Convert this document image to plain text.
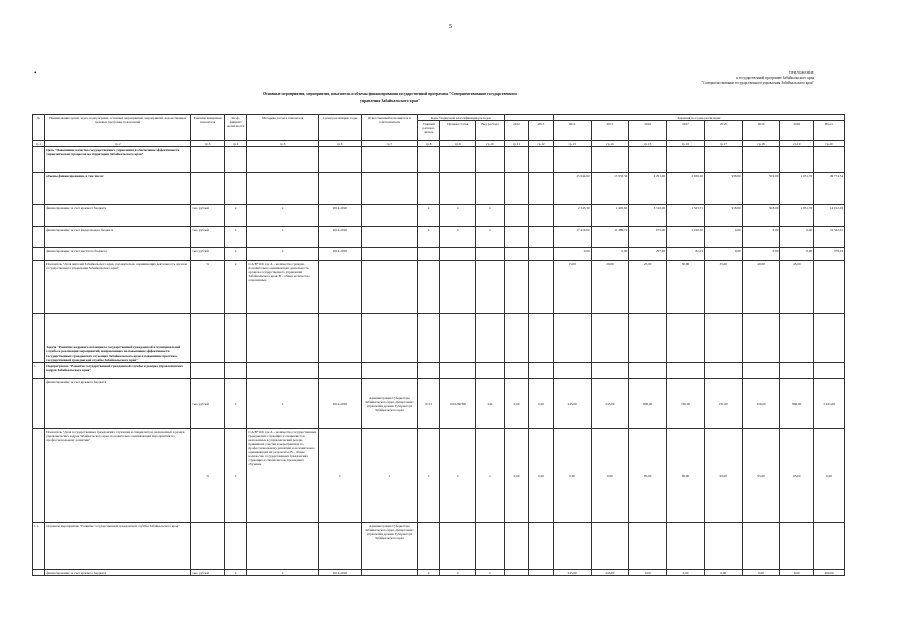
5
•	ПРИЛОЖЕНИЕ
к государственной программе Забайкальского края
"Совершенствование государственного управления Забайкальского края"
Основные мероприятия, мероприятия, показатели и объемы финансирования государственной программы "Совершенствование государственного
управления Забайкальского края"
№	Наименование целей, задач, подпрограмм, основных мероприятий, мероприятий, ведомственных целевых программ, показателей	Единица измерения показателя	Коэф-фициент значи-мости	Методика расчета показателя	Сроки реализации, годы	Ответственный исполнитель и соисполнители	Коды бюджетной классификации расходов					Значения по годам реализации							
							Главный распоря-дитель	Целевая статья	Вид расхода	2012	2013	2014	2015	2016	2017	2018	2019	2020	Итого
гр.1	гр.2	гр.3	гр.4	гр.5	гр.6	гр.7	гр.8	гр.9	гр.10	гр.11	гр.12	гр.13	гр.14	гр.15	гр.16	гр.17	гр.18	гр.19	гр.20
	Цель "Повышение качества государственного управления и обеспечение эффективности управленческих процессов на территории Забайкальского края"																		
	объемы финансирования, в том числе:											25 044,00	13 935,34	4 291,00	2 936,20	938,00	919,00	1 631,70	49 774,54
	финансирование за счет краевого бюджета	тыс. рублей	х	х	2014-2020		х	х	х			2 545,30	2 405,60	3 316,00	1 523,71	918,00	918,00	1 831,70	14 012,03
	финансирование за счет федерального бюджета	тыс. рублей	х	х	2014-2020		х	х	х			17 419,00	11 489,74	675,00	1 190,50	0,00	0,00	0,00	31 342,01
	финансирование за счет местного бюджета	тыс. рублей	х	х	2014-2020							0,00	0,00	297,20	82,23	0,00	0,00	0,00	379,43
	Показатель "Доля жителей Забайкальского края, положительно оценивающих деятельность органов государственного управления Забайкальского края"	%	х	I=A/B*100, где А – количество граждан, положительно оценивающих деятельность органов государственного управления Забайкальского края, В – общее количество опрошенных								15,00	20,00	25,00	30,00	35,00	40,00	45,00	
	Задача "Развитие кадрового потенциала государственной гражданской и муниципальной службы и реализация мероприятий, направленных на повышение эффективности государственных гражданских служащих Забайкальского края и повышение престижа государственной гражданской службы Забайкальского края"																		
1.	Подпрограмма "Развитие государственной гражданской службы и резерва управленческих кадров Забайкальского края"																		
	финансирование за счет краевого бюджета	тыс. рублей	х	х	2014-2020	Администрация Губернатора Забайкальского края, Департамент управления делами Губернатора Забайкальского края	0113	1010260300	244	0,00	0,00	245,00	245,00	800,00	740,00	231,00	326,00	860,00	3 431,00
	Показатель "Доля государственных гражданских служащих и специалистов, включенных в резерв управленческих кадров Забайкальского края, положительно оценивающих мероприятия по профессиональному развитию"	%	х	I=A/B*100, где А – количество государственных гражданских служащих и специалистов, включенных в управленческий резерв, принявших участие в мероприятиях по профессиональному развитию и положительно оценивающих их результаты, В – общее количество государственных гражданских служащих и специалистов, прошедших обучение	х	х	х	х	х	0,00	0,00	0,00	0,00	85,00	90,00	95,00	95,00	95,00	0,00
1.1.	Основное мероприятие "Развитие государственной гражданской службы Забайкальского края"					Администрация Губернатора Забайкальского края, Департамент управления делами Губернатора Забайкальского края													
	финансирование за счет краевого бюджета	тыс. рублей	х	х	2014-2020		х	х	х			245,00	245,00	0,00	0,00	0,00	0,00	0,00	490,00
